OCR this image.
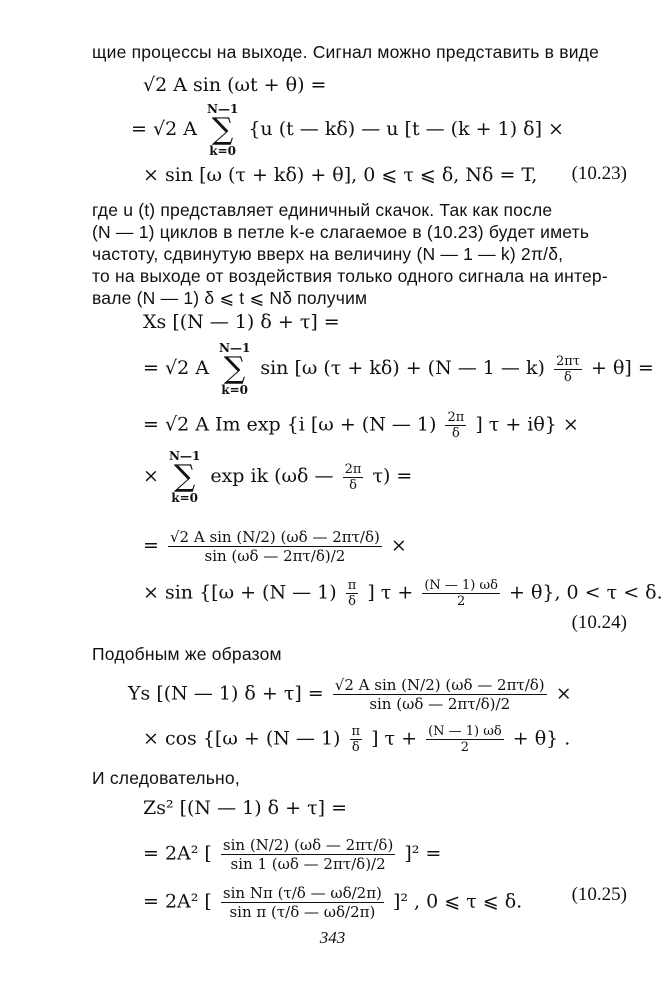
щие процессы на выходе. Сигнал можно представить в виде
√2 A sin (ωt + θ) =
= √2 A
N—1
∑
k=0
{u (t — kδ) — u [t — (k + 1) δ] ×
× sin [ω (τ + kδ) + θ], 0 ⩽ τ ⩽ δ, Nδ = T, (10.23)
где u (t) представляет единичный скачок. Так как после
(N — 1) циклов в петле k-е слагаемое в (10.23) будет иметь
частоту, сдвинутую вверх на величину (N — 1 — k) 2π/δ,
то на выходе от воздействия только одного сигнала на интер-
вале (N — 1) δ ⩽ t ⩽ Nδ получим
Xs [(N — 1) δ + τ] =
= √2 A
N—1
∑
k=0
sin [ω (τ + kδ) + (N — 1 — $k) \frac{2\pi\tau}{\delta} + \theta$] =
= √2 A Im exp {i [ω + (N — $1) \frac{2\pi}{\delta}$ ] τ + iθ} ×
×
N—1
∑
k=0
exp ik (ωδ — $\frac{2\pi}{\delta} \tau$) =
= $\frac{\text{√2 A sin (N/2) (ωδ — 2πτ/δ)}}{\sin (\omega\delta — 2\pi\tau/\delta)/2}$ ×
× sin {[ω + (N — $1) \frac{\pi}{\delta}$ ] $\tau + \frac{(N — 1) \omega\delta}{2} + \theta$}, 0 < τ < δ.
(10.24)
Подобным же образом
Ys [(N — 1) $\delta + \tau] = \frac{\text{√2 A sin (N/2) (ωδ — 2πτ/δ)}}{\sin (\omega\delta — 2\pi\tau/\delta)/2}$ ×
× cos {[ω + (N — $1) \frac{\pi}{\delta}$ ] $\tau + \frac{(N — 1) \omega\delta}{2} + \theta$} .
И следовательно,
Zs² [(N — 1) δ + τ] =
= 2A² [ $\frac{\sin (N/2) (\omega\delta — 2\pi\tau/\delta)}{\sin 1 (\omega\delta — 2\pi\tau/\delta)/2} ]^2$ =
= 2A² [ $\frac{\text{sin Nπ (τ/δ — ωδ/2π)}}{\text{sin π (τ/δ — ωδ/2π)}} ]^2$ , 0 ⩽ τ ⩽ δ.	(10.25)
343
